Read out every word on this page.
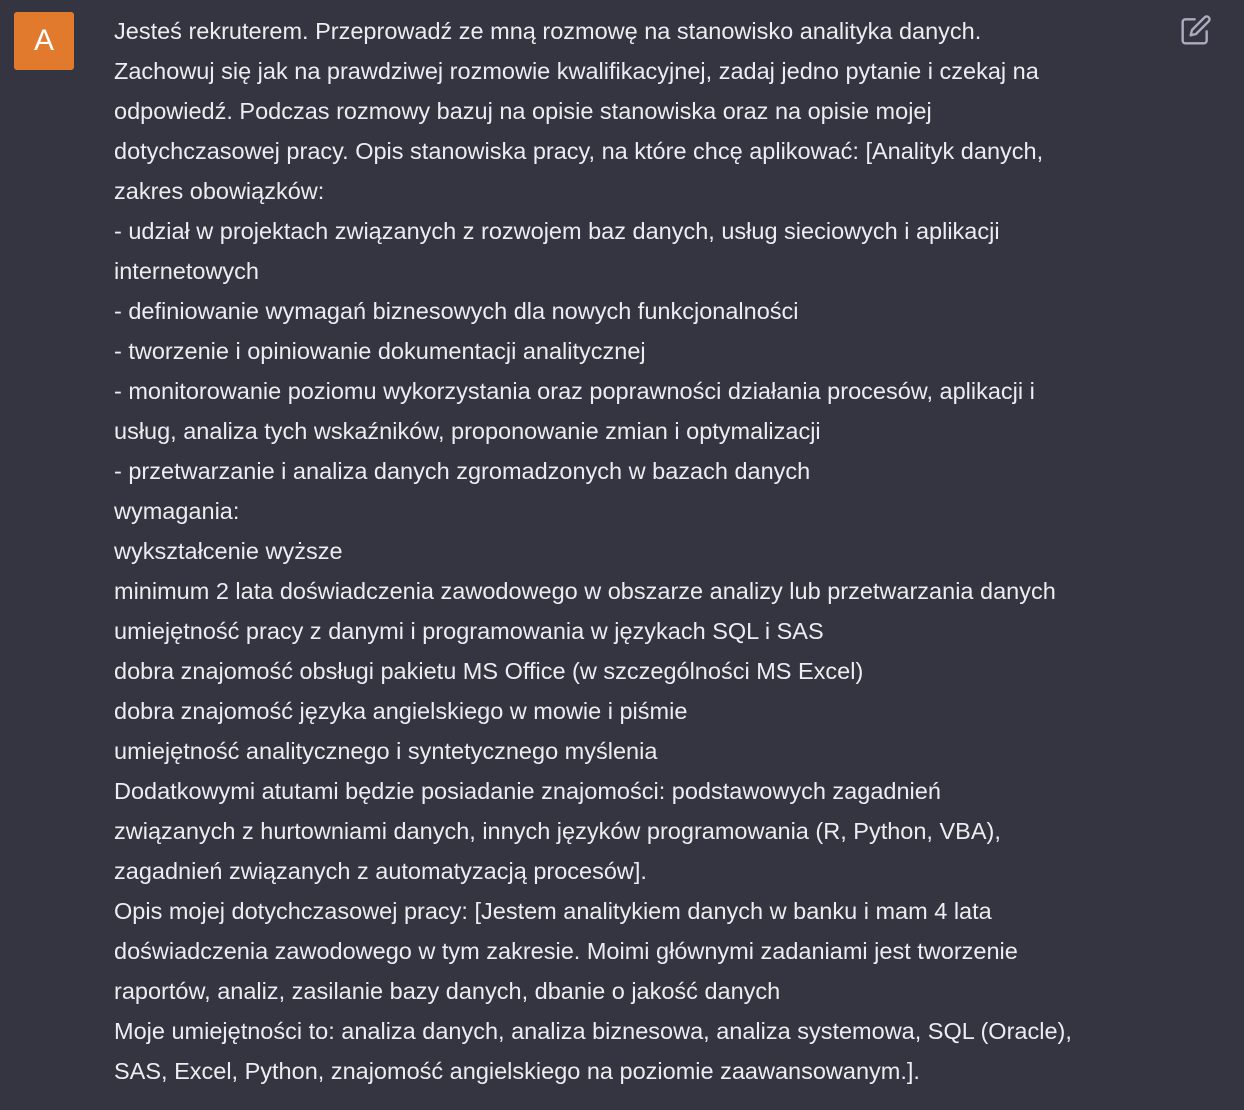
A	Jesteś rekruterem. Przeprowadź ze mną rozmowę na stanowisko analityka danych.
Zachowuj się jak na prawdziwej rozmowie kwalifikacyjnej, zadaj jedno pytanie i czekaj na
odpowiedź. Podczas rozmowy bazuj na opisie stanowiska oraz na opisie mojej
dotychczasowej pracy. Opis stanowiska pracy, na które chcę aplikować: [Analityk danych,
zakres obowiązków:
- udział w projektach związanych z rozwojem baz danych, usług sieciowych i aplikacji
internetowych
- definiowanie wymagań biznesowych dla nowych funkcjonalności
- tworzenie i opiniowanie dokumentacji analitycznej
- monitorowanie poziomu wykorzystania oraz poprawności działania procesów, aplikacji i
usług, analiza tych wskaźników, proponowanie zmian i optymalizacji
- przetwarzanie i analiza danych zgromadzonych w bazach danych
wymagania:
wykształcenie wyższe
minimum 2 lata doświadczenia zawodowego w obszarze analizy lub przetwarzania danych
umiejętność pracy z danymi i programowania w językach SQL i SAS
dobra znajomość obsługi pakietu MS Office (w szczególności MS Excel)
dobra znajomość języka angielskiego w mowie i piśmie
umiejętność analitycznego i syntetycznego myślenia
Dodatkowymi atutami będzie posiadanie znajomości: podstawowych zagadnień
związanych z hurtowniami danych, innych języków programowania (R, Python, VBA),
zagadnień związanych z automatyzacją procesów].
Opis mojej dotychczasowej pracy: [Jestem analitykiem danych w banku i mam 4 lata
doświadczenia zawodowego w tym zakresie. Moimi głównymi zadaniami jest tworzenie
raportów, analiz, zasilanie bazy danych, dbanie o jakość danych
Moje umiejętności to: analiza danych, analiza biznesowa, analiza systemowa, SQL (Oracle),
SAS, Excel, Python, znajomość angielskiego na poziomie zaawansowanym.].
